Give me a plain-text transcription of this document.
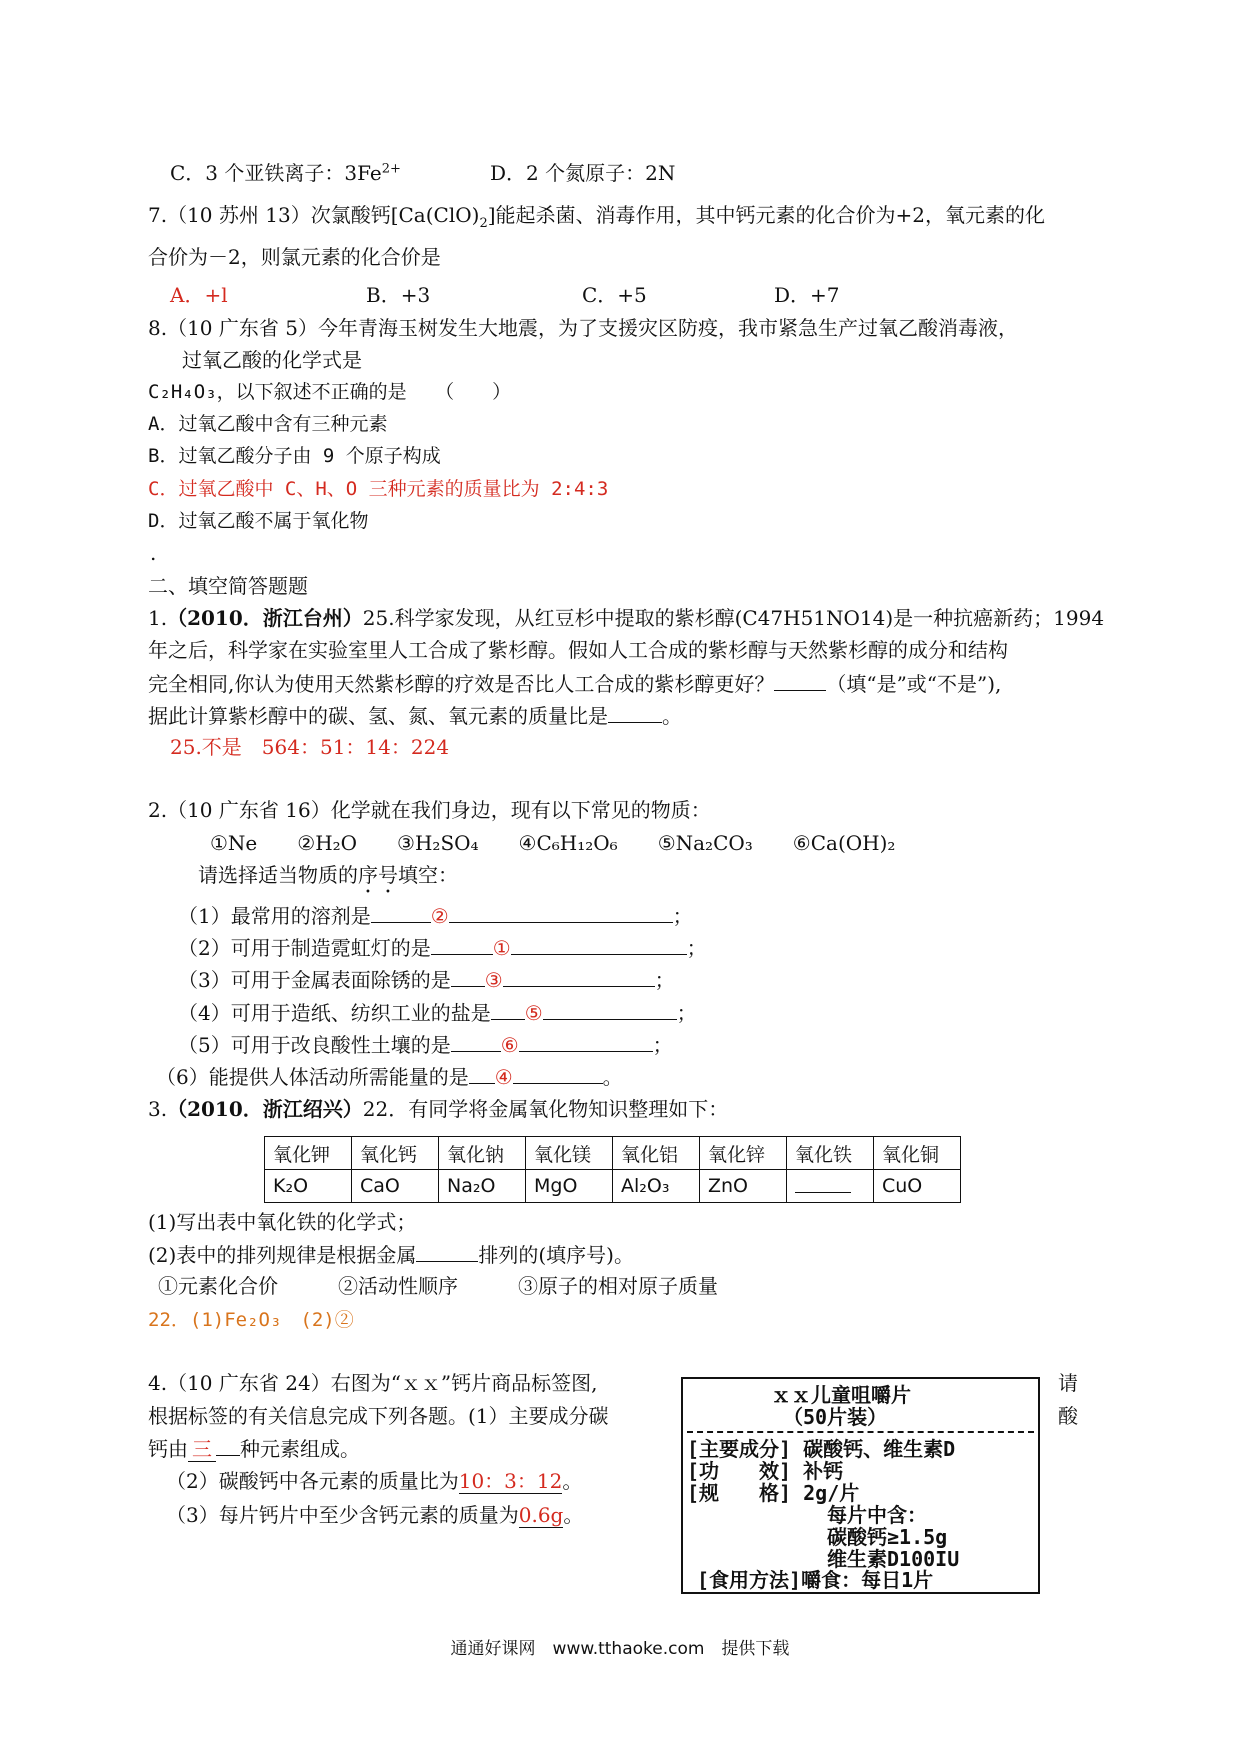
C．3 个亚铁离子：$3Fe^{2+}$	D．2 个氮原子：2N
7.（10 苏州 13）次氯酸钙$[Ca(ClO)_2]$能起杀菌、消毒作用，其中钙元素的化合价为+2，氧元素的化
合价为－2，则氯元素的化合价是
A．+l	B．+3	C．+5	D．+7
8.（10 广东省 5）今年青海玉树发生大地震，为了支援灾区防疫，我市紧急生产过氧乙酸消毒液，
过氧乙酸的化学式是
C₂H₄O₃，以下叙述不正确的是　　（　　）
A．过氧乙酸中含有三种元素
B．过氧乙酸分子由 9 个原子构成
C．过氧乙酸中 C、H、O 三种元素的质量比为 2:4:3
D．过氧乙酸不属于氧化物
.
二、填空简答题题
1.（2010．浙江台州）25.科学家发现，从红豆杉中提取的紫杉醇(C47H51NO14)是一种抗癌新药；1994
年之后，科学家在实验室里人工合成了紫杉醇。假如人工合成的紫杉醇与天然紫杉醇的成分和结构
完全相同,你认为使用天然紫杉醇的疗效是否比人工合成的紫杉醇更好？	（填“是”或“不是”),
据此计算紫杉醇中的碳、氢、氮、氧元素的质量比是	。
25.不是　564：51：14：224
2.（10 广东省 16）化学就在我们身边，现有以下常见的物质：
①Ne　　②H₂O　　③H₂SO₄　　④C₆H₁₂O₆　　⑤Na₂CO₃　　⑥Ca(OH)₂
请选择适当物质的序号填空：
（1）最常用的溶剂是	②	；
（2）可用于制造霓虹灯的是	①	；
（3）可用于金属表面除锈的是 ③	；
（4）可用于造纸、纺织工业的盐是 ⑤	；
（5）可用于改良酸性土壤的是	⑥	；
（6）能提供人体活动所需能量的是 ④	。
3.（2010．浙江绍兴）22．有同学将金属氧化物知识整理如下：
氧化钾	氧化钙	氧化钠	氧化镁	氧化铝	氧化锌	氧化铁	氧化铜
K₂O	CaO	Na₂O	MgO	Al₂O₃	ZnO		CuO
(1)写出表中氧化铁的化学式；
(2)表中的排列规律是根据金属	排列的(填序号)。
①元素化合价　　　②活动性顺序　　　③原子的相对原子质量
22．(1)Fe₂O₃　(2)②
4.（10 广东省 24）右图为“ｘｘ”钙片商品标签图,
根据标签的有关信息完成下列各题。(1）主要成分碳
钙由 三 种元素组成。
（2）碳酸钙中各元素的质量比为10：3：12。
（3）每片钙片中至少含钙元素的质量为0.6g。
请
酸
ｘｘ儿童咀嚼片
（50片装）
[主要成分] 碳酸钙、维生素D
[功　　效] 补钙
[规　　格] 2g/片
每片中含：
碳酸钙≥1.5g
维生素D100IU
[食用方法]嚼食：每日1片
通通好课网　www.tthaoke.com　提供下载
